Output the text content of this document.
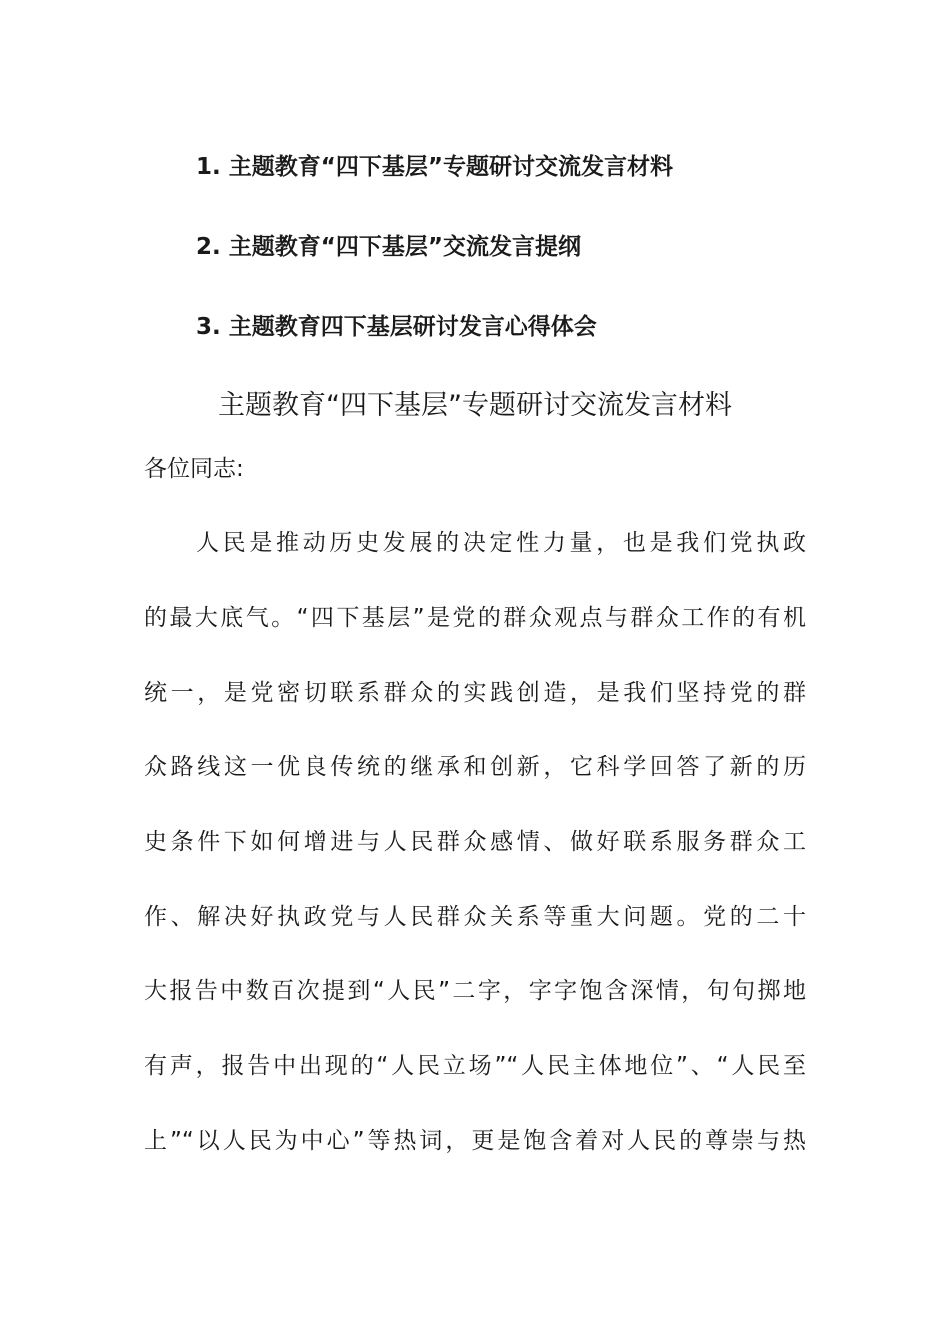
1. 主题教育“四下基层”专题研讨交流发言材料
2. 主题教育“四下基层”交流发言提纲
3. 主题教育四下基层研讨发言心得体会
主题教育“四下基层”专题研讨交流发言材料
各位同志:
人民是推动历史发展的决定性力量，也是我们党执政
的最大底气。“四下基层”是党的群众观点与群众工作的有机
统一，是党密切联系群众的实践创造，是我们坚持党的群
众路线这一优良传统的继承和创新，它科学回答了新的历
史条件下如何增进与人民群众感情、做好联系服务群众工
作、解决好执政党与人民群众关系等重大问题。党的二十
大报告中数百次提到“人民”二字，字字饱含深情，句句掷地
有声，报告中出现的“人民立场”“人民主体地位”、“人民至
上”“以人民为中心”等热词，更是饱含着对人民的尊崇与热
